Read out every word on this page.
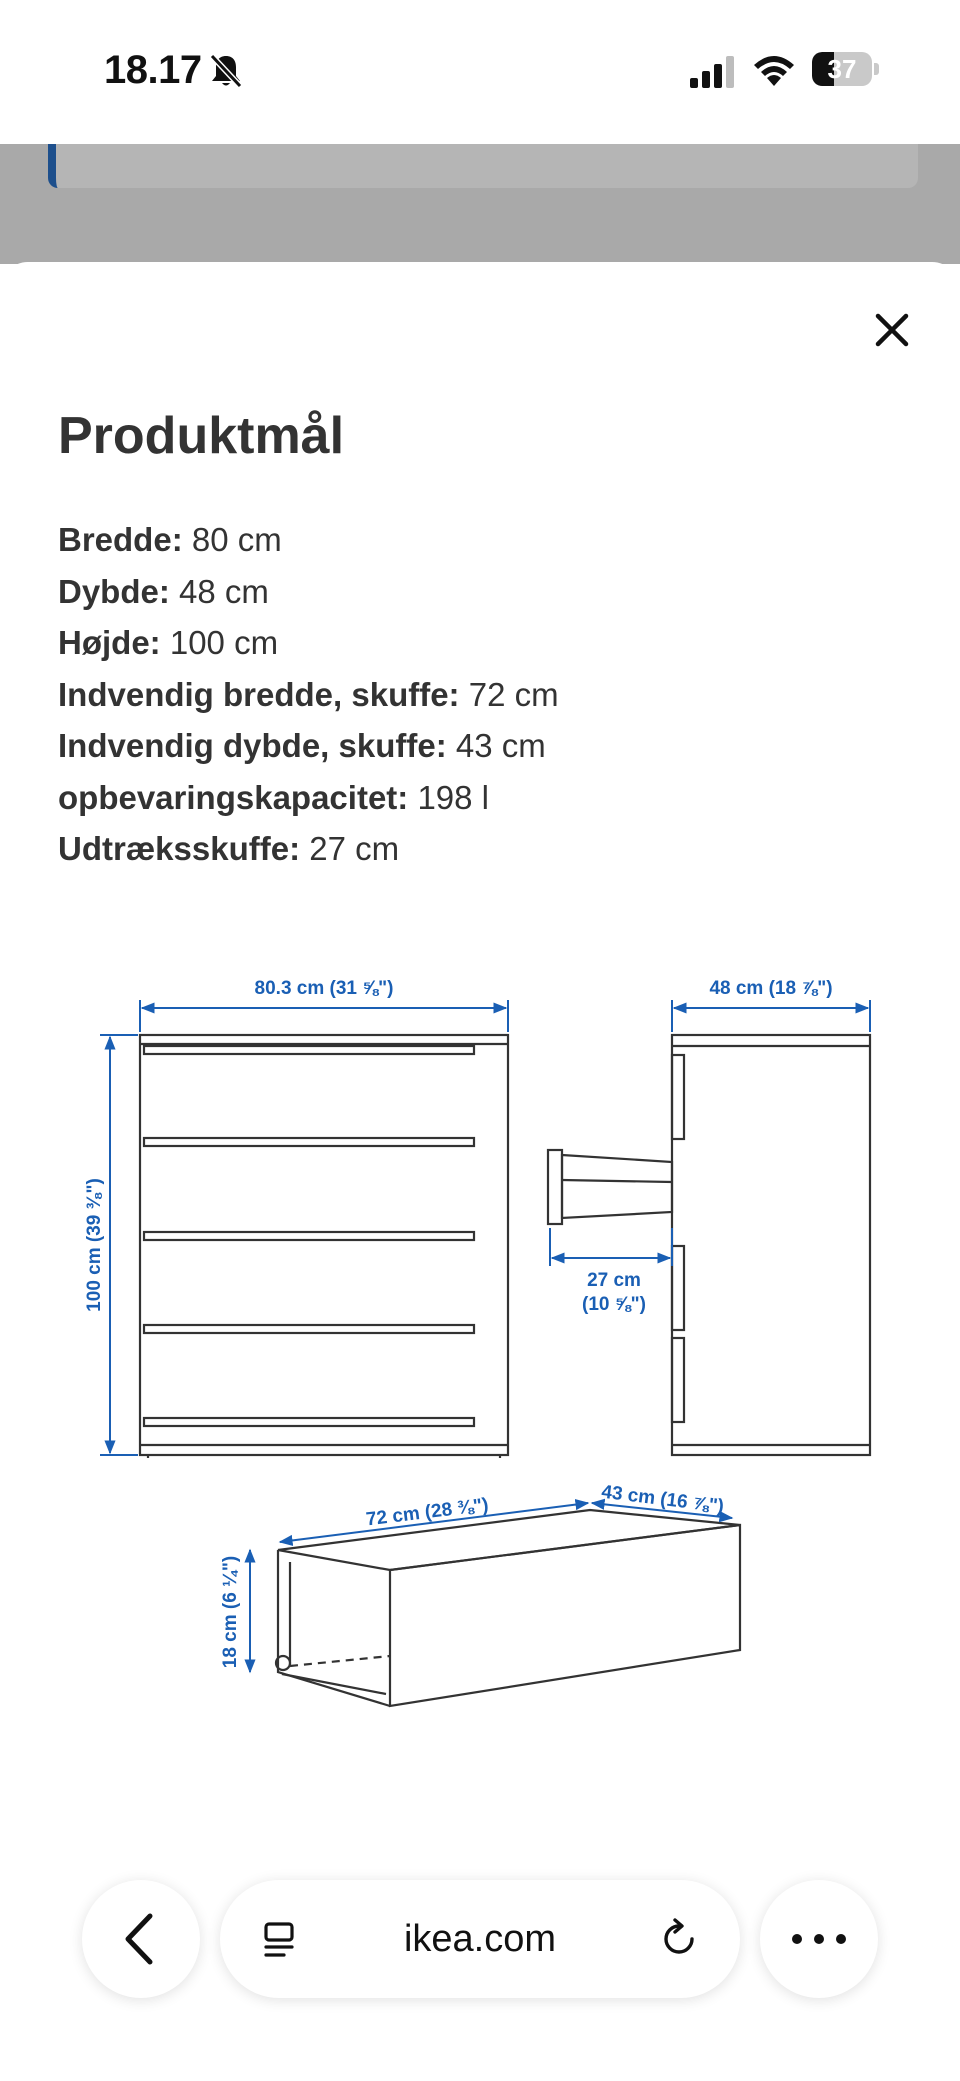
18.17	37
Produktmål
Bredde: 80 cm
Dybde: 48 cm
Højde: 100 cm
Indvendig bredde, skuffe: 72 cm
Indvendig dybde, skuffe: 43 cm
opbevaringskapacitet: 198 l
Udtræksskuffe: 27 cm
80.3 cm (31 ⅝")
100 cm (39 ⅜")
48 cm (18 ⅞")
27 cm
(10 ⅝")
72 cm (28 ⅜")	43 cm (16 ⅞")
18 cm (6 ¼")
ikea.com
